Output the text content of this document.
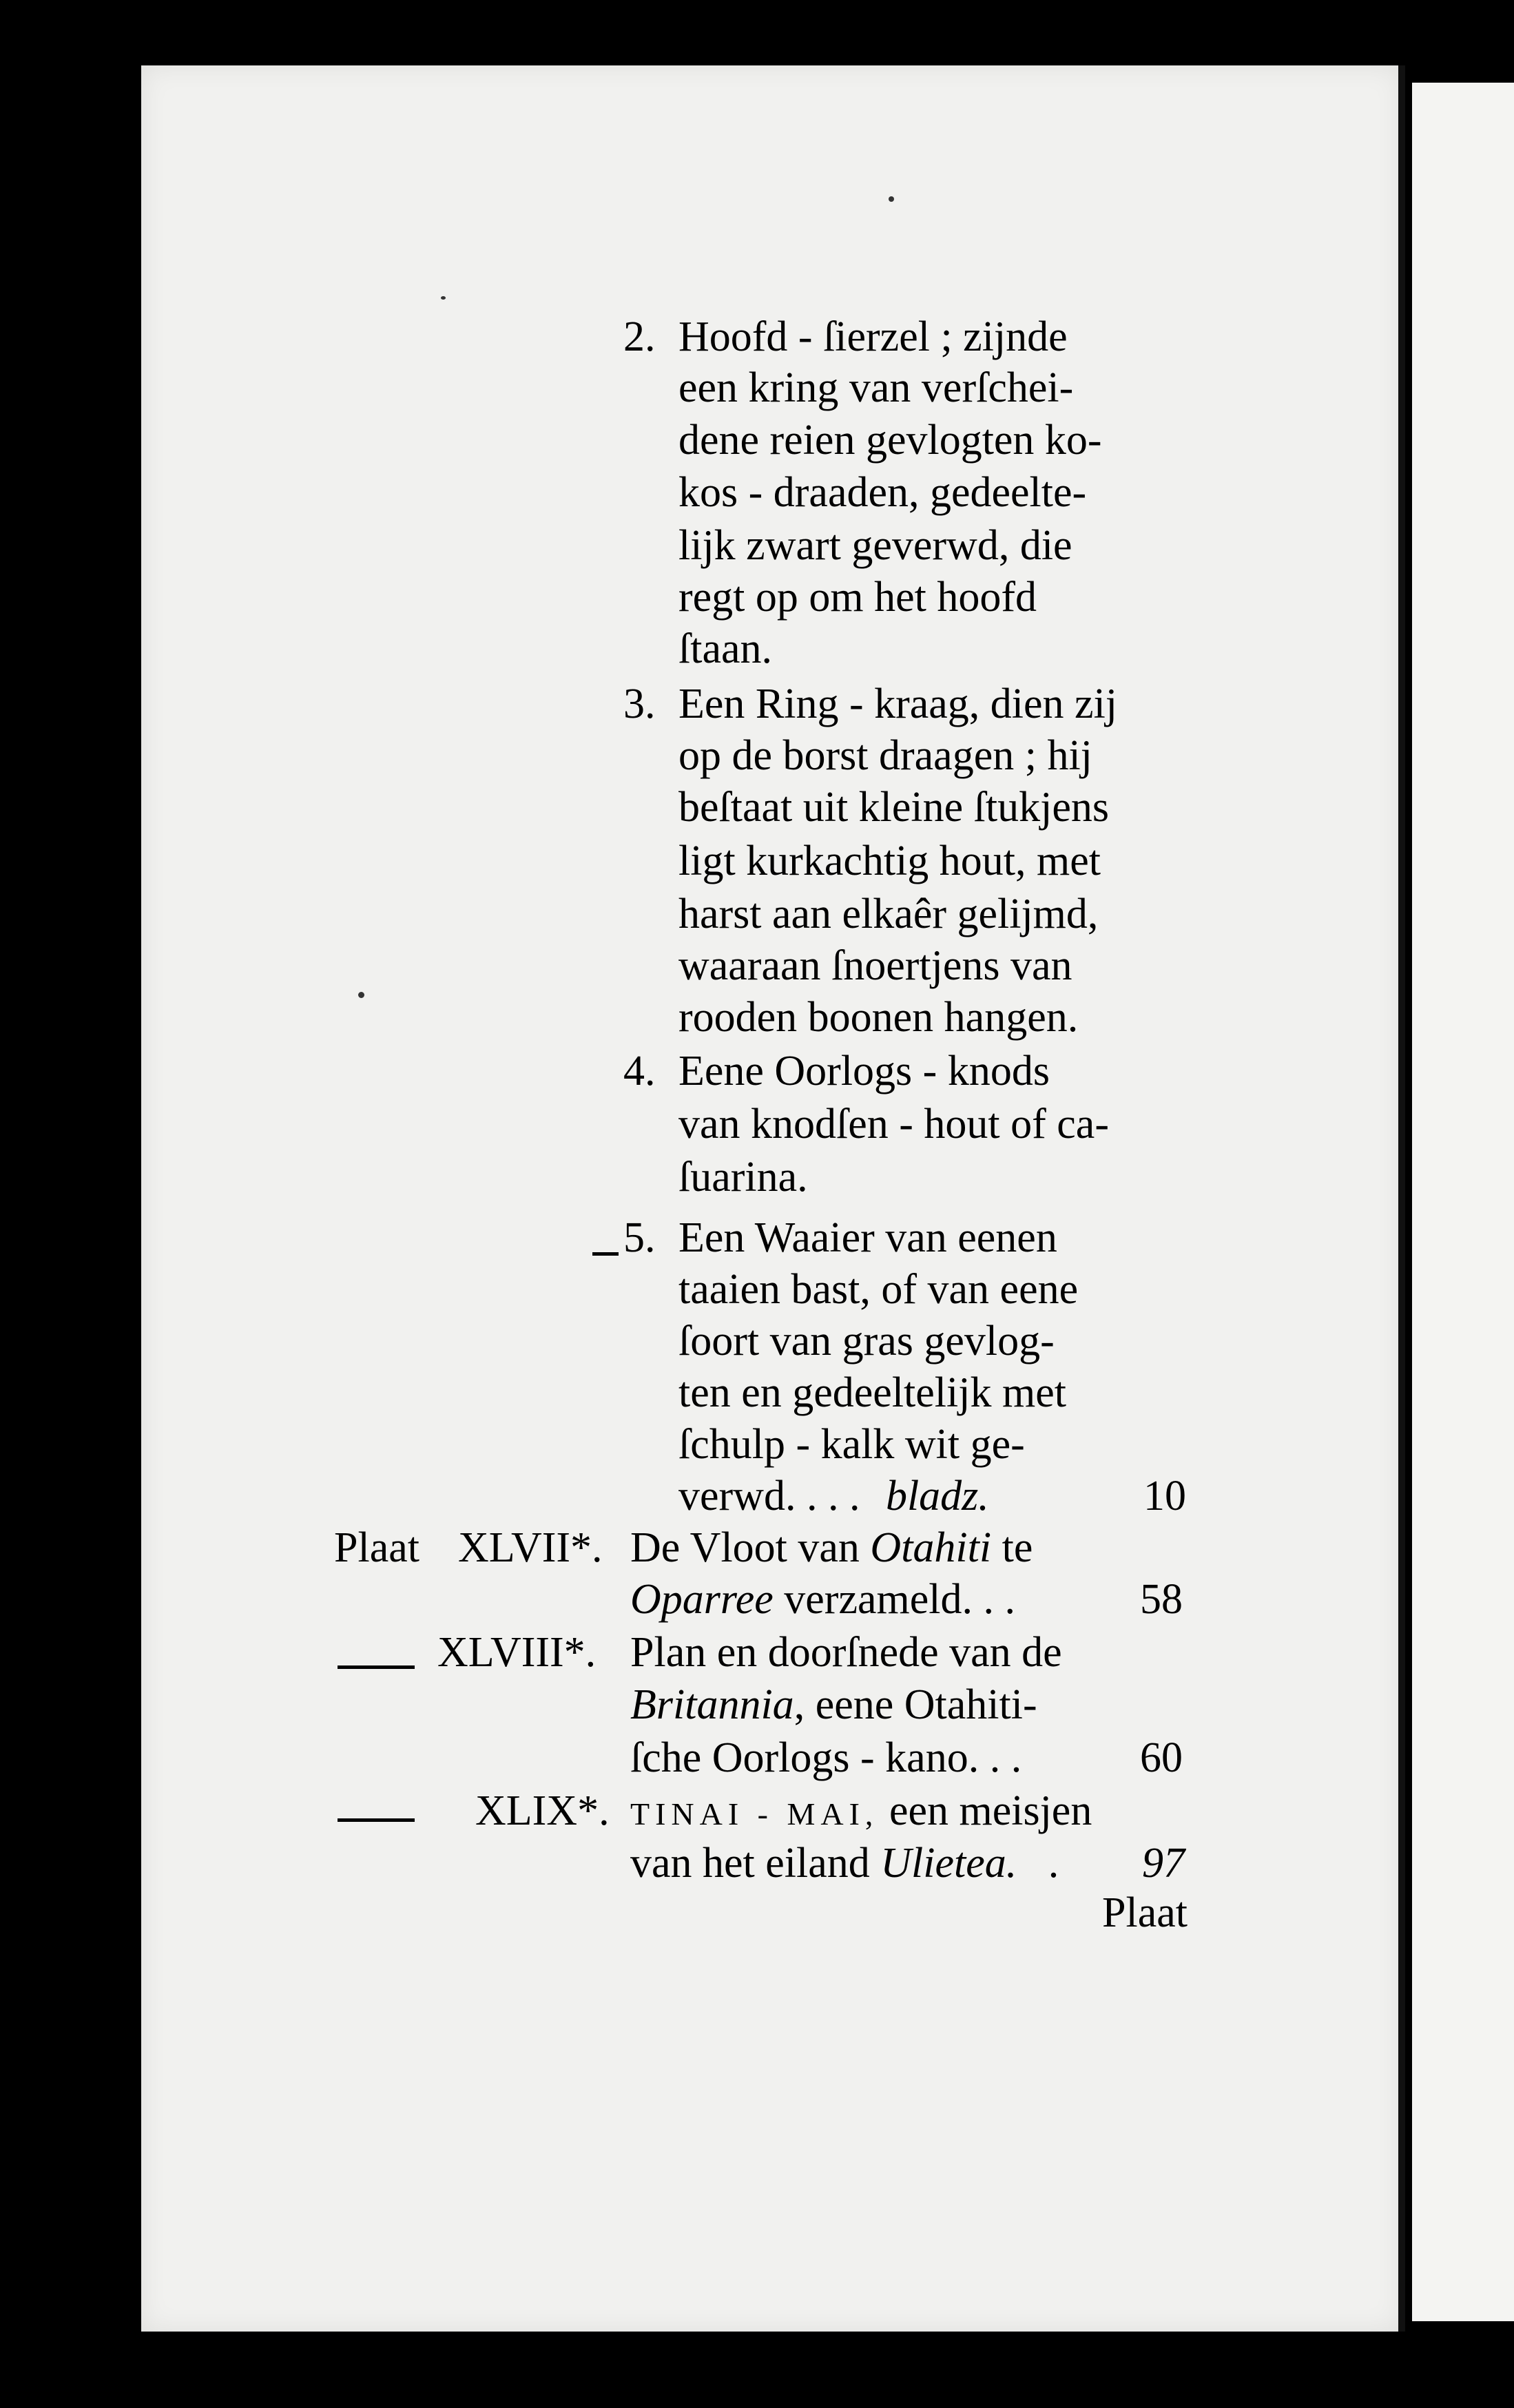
2. Hoofd - ſierzel ; zijnde
een kring van verſchei-
dene reien gevlogten ko-
kos - draaden, gedeelte-
lijk zwart geverwd, die
regt op om het hoofd
ſtaan.
3. Een Ring - kraag, dien zij
op de borst draagen ; hij
beſtaat uit kleine ſtukjens
ligt kurkachtig hout, met
harst aan elkaêr gelijmd,
waaraan ſnoertjens van
rooden boonen hangen.
4. Eene Oorlogs - knods
van knodſen - hout of ca-
ſuarina.
5. Een Waaier van eenen
taaien bast, of van eene
ſoort van gras gevlog-
ten en gedeeltelijk met
ſchulp - kalk wit ge-
verwd. . . . bladz.	10
Plaat XLVII*. De Vloot van Otahiti te
Oparree verzameld. . .	58
XLVIII*. Plan en doorſnede van de
Britannia, eene Otahiti-
ſche Oorlogs - kano. . .	60
XLIX*. TINAI - MAI, een meisjen
van het eiland Ulietea. . 97
Plaat
